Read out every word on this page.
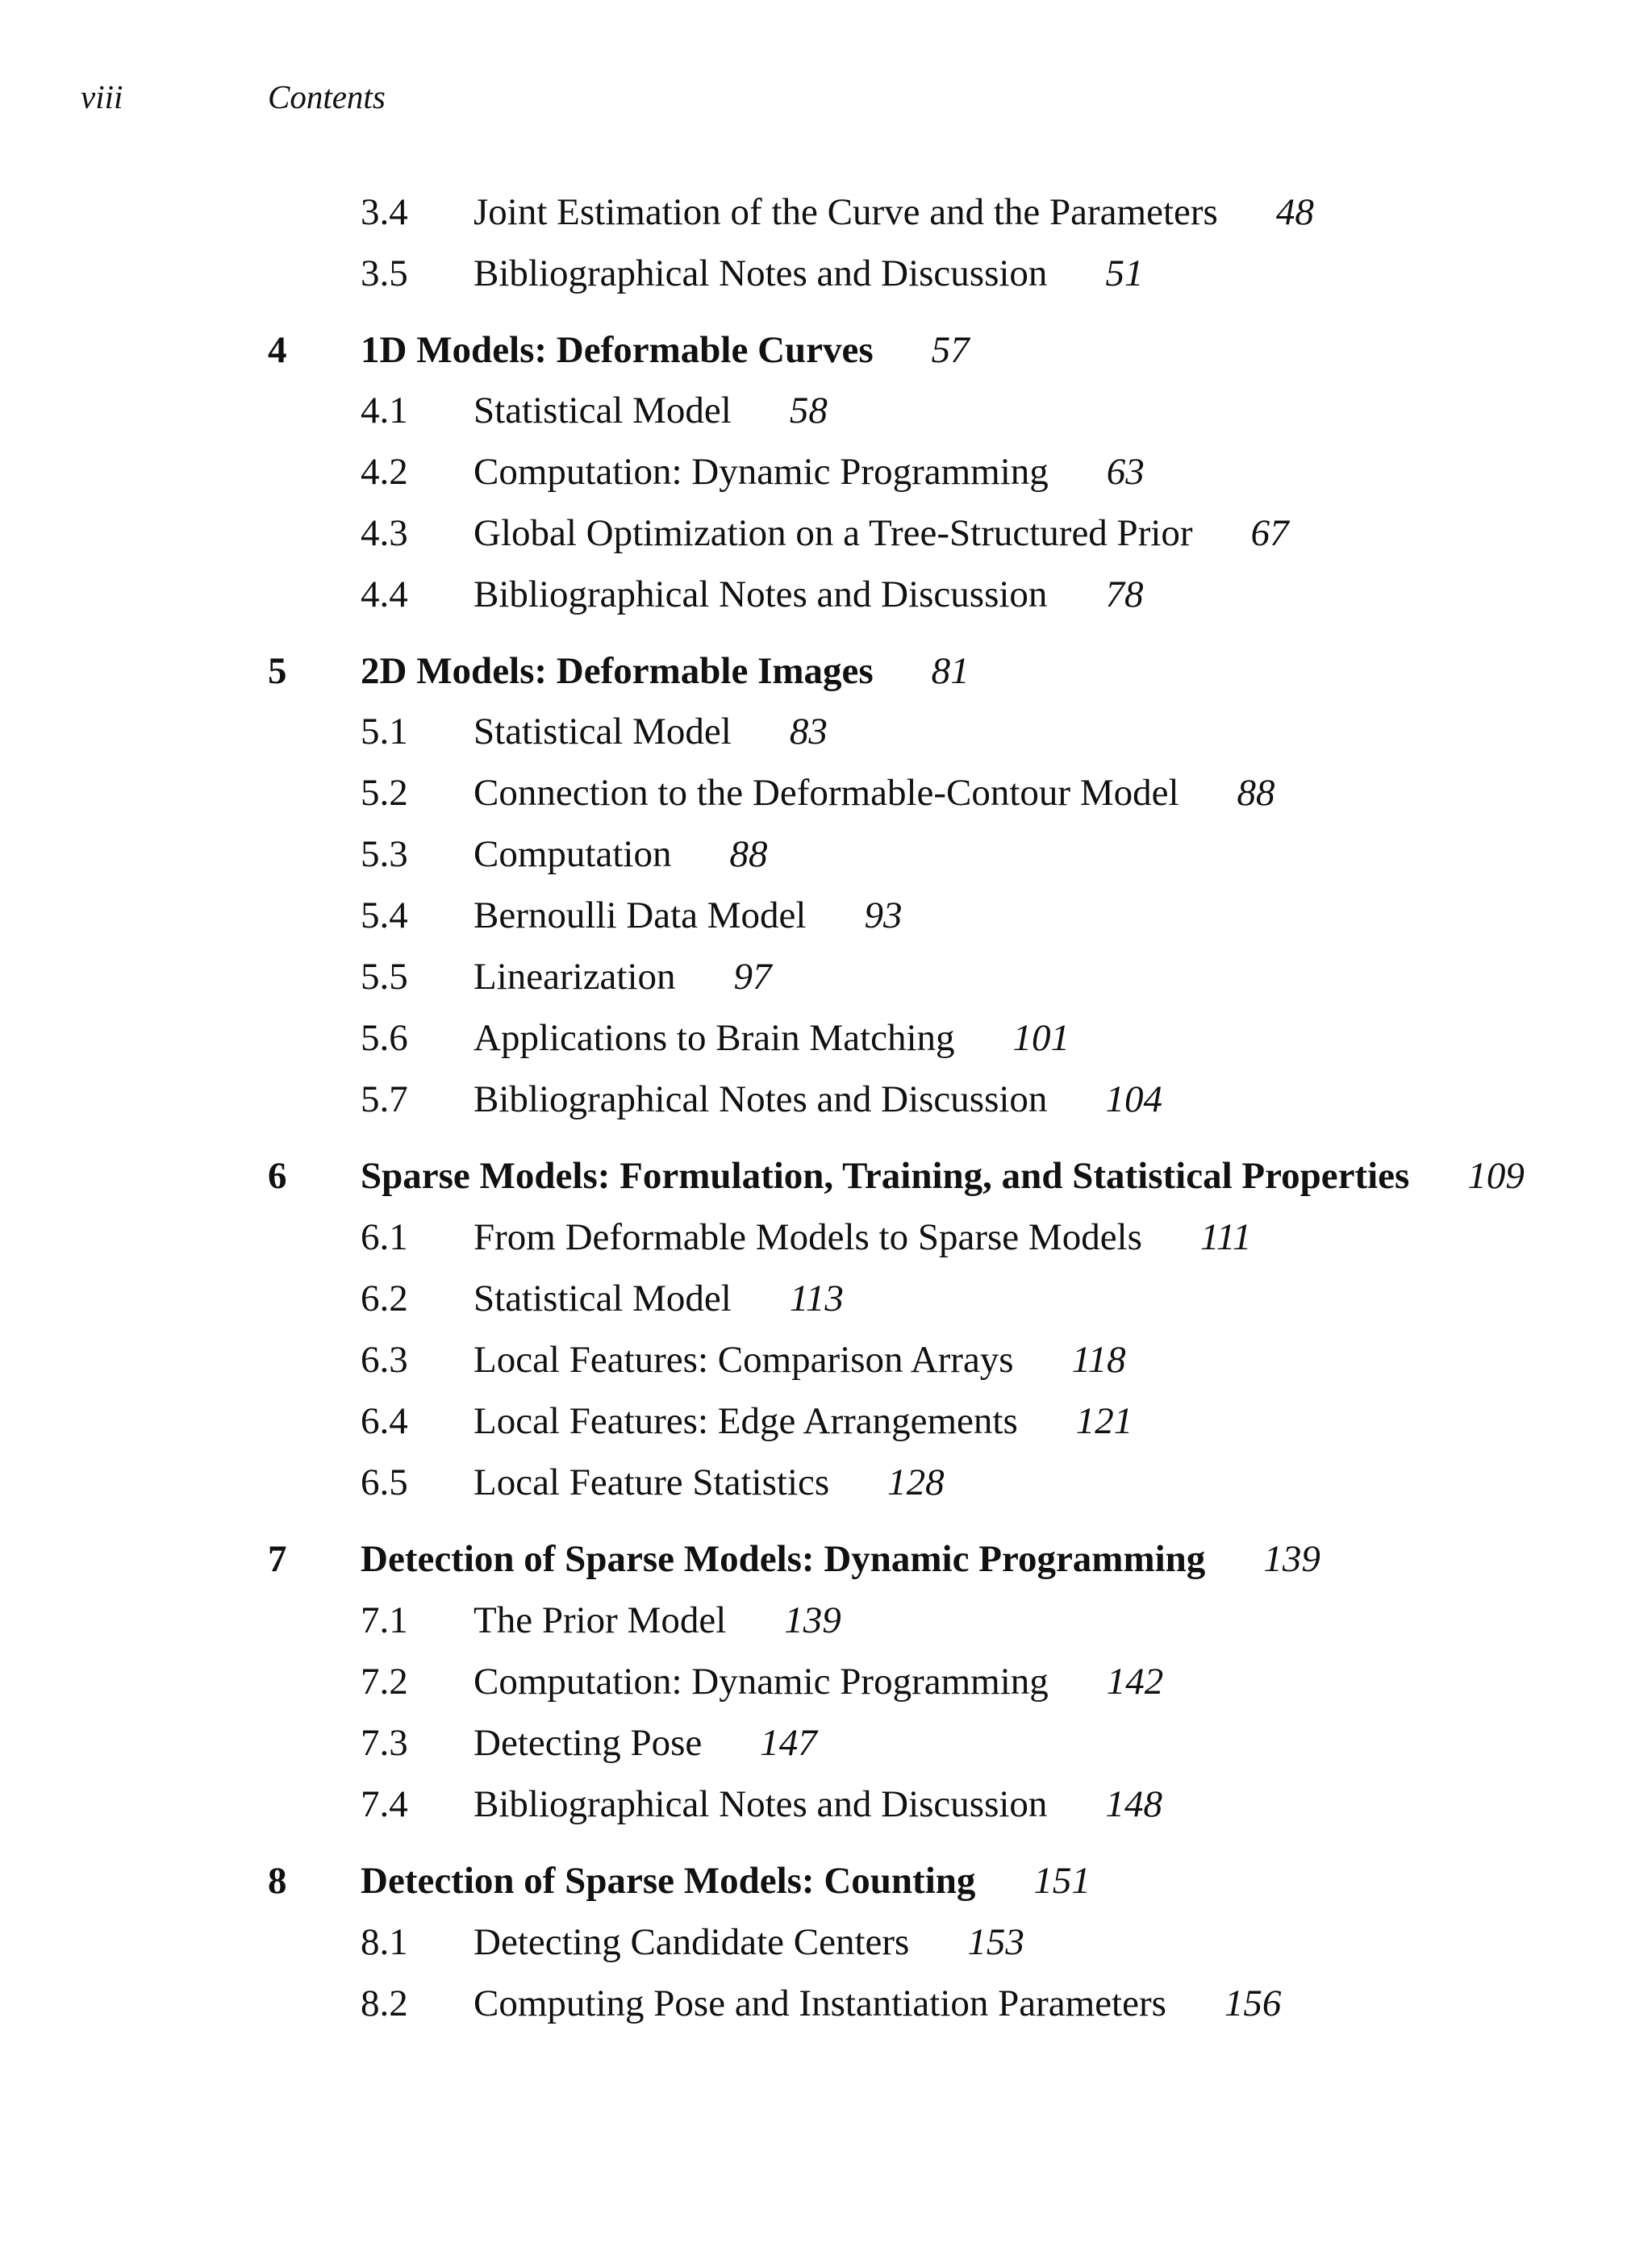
viii	Contents
3.4 Joint Estimation of the Curve and the Parameters 48
3.5 Bibliographical Notes and Discussion 51
4 1D Models: Deformable Curves 57
4.1 Statistical Model 58
4.2 Computation: Dynamic Programming 63
4.3 Global Optimization on a Tree-Structured Prior 67
4.4 Bibliographical Notes and Discussion 78
5 2D Models: Deformable Images 81
5.1 Statistical Model 83
5.2 Connection to the Deformable-Contour Model 88
5.3 Computation 88
5.4 Bernoulli Data Model 93
5.5 Linearization 97
5.6 Applications to Brain Matching 101
5.7 Bibliographical Notes and Discussion 104
6 Sparse Models: Formulation, Training, and Statistical Properties 109
6.1 From Deformable Models to Sparse Models 111
6.2 Statistical Model 113
6.3 Local Features: Comparison Arrays 118
6.4 Local Features: Edge Arrangements 121
6.5 Local Feature Statistics 128
7 Detection of Sparse Models: Dynamic Programming 139
7.1 The Prior Model 139
7.2 Computation: Dynamic Programming 142
7.3 Detecting Pose 147
7.4 Bibliographical Notes and Discussion 148
8 Detection of Sparse Models: Counting 151
8.1 Detecting Candidate Centers 153
8.2 Computing Pose and Instantiation Parameters 156
